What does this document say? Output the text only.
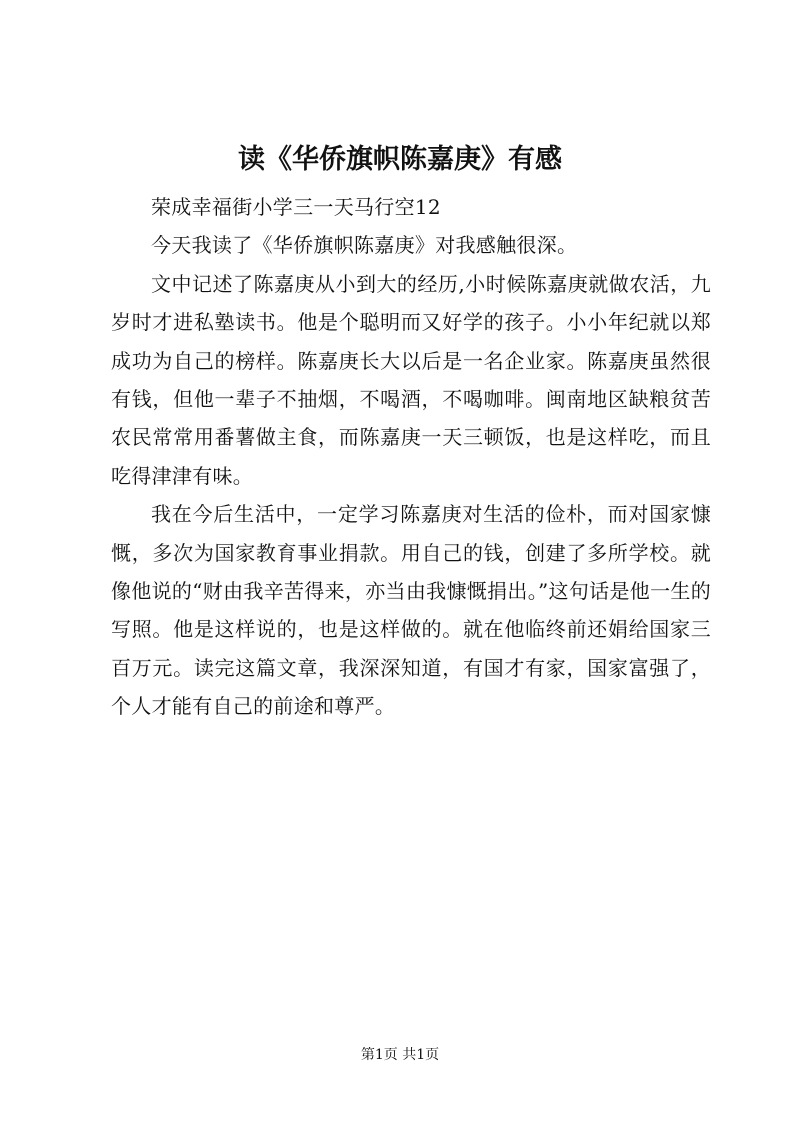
读《华侨旗帜陈嘉庚》有感

荣成幸福街小学三一天马行空12

今天我读了《华侨旗帜陈嘉庚》对我感触很深。

文中记述了陈嘉庚从小到大的经历,小时候陈嘉庚就做农活，九岁时才进私塾读书。他是个聪明而又好学的孩子。小小年纪就以郑成功为自己的榜样。陈嘉庚长大以后是一名企业家。陈嘉庚虽然很有钱，但他一辈子不抽烟，不喝酒，不喝咖啡。闽南地区缺粮贫苦农民常常用番薯做主食，而陈嘉庚一天三顿饭，也是这样吃，而且吃得津津有味。

我在今后生活中，一定学习陈嘉庚对生活的俭朴，而对国家慷慨，多次为国家教育事业捐款。用自己的钱，创建了多所学校。就像他说的“财由我辛苦得来，亦当由我慷慨捐出。”这句话是他一生的写照。他是这样说的，也是这样做的。就在他临终前还娟给国家三百万元。读完这篇文章，我深深知道，有国才有家，国家富强了，个人才能有自己的前途和尊严。

第1页 共1页
